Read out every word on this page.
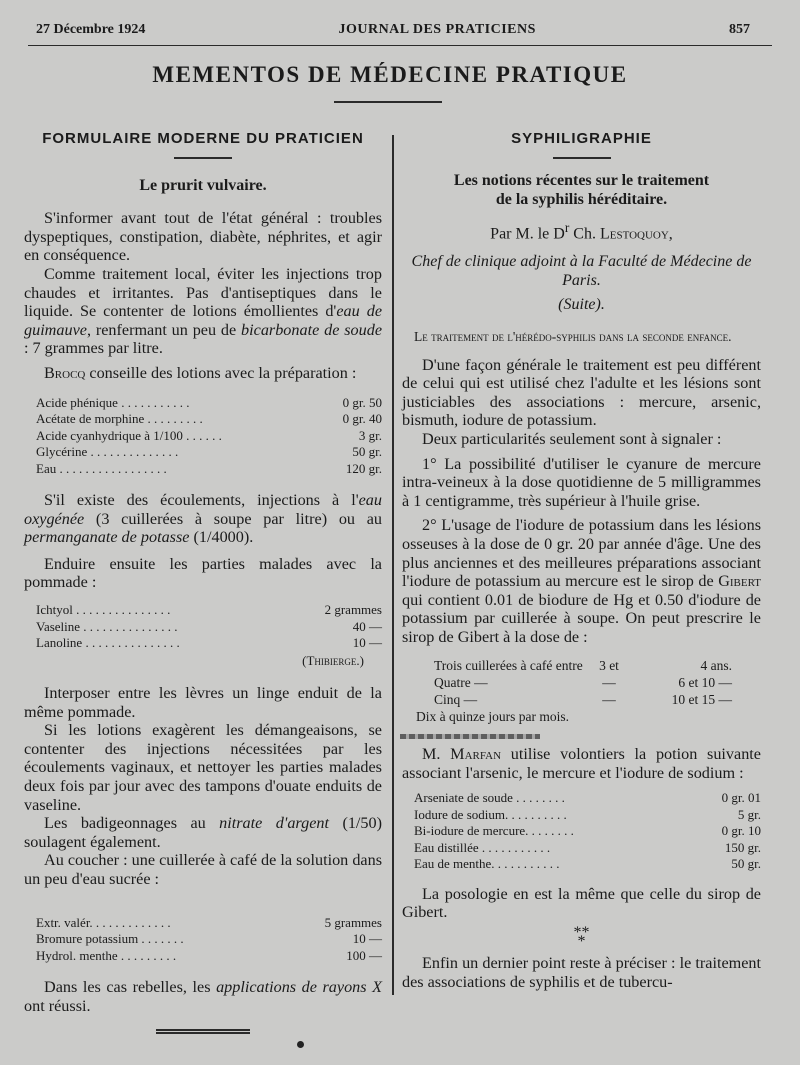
27 Décembre 1924	JOURNAL DES PRATICIENS	857
MEMENTOS DE MÉDECINE PRATIQUE
FORMULAIRE MODERNE DU PRATICIEN
Le prurit vulvaire.

S'informer avant tout de l'état général : troubles dyspeptiques, constipation, diabète, néphrites, et agir en conséquence.

Comme traitement local, éviter les injections trop chaudes et irritantes. Pas d'antiseptiques dans le liquide. Se contenter de lotions émollientes d'eau de guimauve, renfermant un peu de bicarbonate de soude : 7 grammes par litre.

Brocq conseille des lotions avec la préparation :

Acide phénique . . . . . . . . . . .	0 gr. 50
Acétate de morphine . . . . . . . . .	0 gr. 40
Acide cyanhydrique à 1/100 . . . . . .	3 gr.
Glycérine . . . . . . . . . . . . . .	50 gr.
Eau . . . . . . . . . . . . . . . . .	120 gr.

S'il existe des écoulements, injections à l'eau oxygénée (3 cuillerées à soupe par litre) ou au permanganate de potasse (1/4000).

Enduire ensuite les parties malades avec la pommade :

Ichtyol . . . . . . . . . . . . . . .	2 grammes
Vaseline . . . . . . . . . . . . . . .	40 —
Lanoline . . . . . . . . . . . . . . .	10 —
(Thibierge.)

Interposer entre les lèvres un linge enduit de la même pommade.

Si les lotions exagèrent les démangeaisons, se contenter des injections nécessitées par les écoulements vaginaux, et nettoyer les parties malades deux fois par jour avec des tampons d'ouate enduits de vaseline.

Les badigeonnages au nitrate d'argent (1/50) soulagent également.

Au coucher : une cuillerée à café de la solution dans un peu d'eau sucrée :

Extr. valér. . . . . . . . . . . . .	5 grammes
Bromure potassium . . . . . . .	10 —
Hydrol. menthe . . . . . . . . .	100 —

Dans les cas rebelles, les applications de rayons X ont réussi.

SYPHILIGRAPHIE
Les notions récentes sur le traitement
de la syphilis héréditaire.
Par M. le $D^r$ Ch. Lestoquoy,
Chef de clinique adjoint à la Faculté de Médecine de Paris.
(Suite).

Le traitement de l'hérédo-syphilis dans la seconde enfance.

D'une façon générale le traitement est peu différent de celui qui est utilisé chez l'adulte et les lésions sont justiciables des associations : mercure, arsenic, bismuth, iodure de potassium.

Deux particularités seulement sont à signaler :

1° La possibilité d'utiliser le cyanure de mercure intra-veineux à la dose quotidienne de 5 milligrammes à 1 centigramme, très supérieur à l'huile grise.

2° L'usage de l'iodure de potassium dans les lésions osseuses à la dose de 0 gr. 20 par année d'âge. Une des plus anciennes et des meilleures préparations associant l'iodure de potassium au mercure est le sirop de Gibert qui contient 0.01 de biodure de Hg et 0.50 d'iodure de potassium par cuillerée à soupe. On peut prescrire le sirop de Gibert à la dose de :

Trois cuillerées à café entre	3 et	4 ans.
Quatre —	—	6 et 10 —
Cinq —	—	10 et 15 —
Dix à quinze jours par mois.

M. Marfan utilise volontiers la potion suivante associant l'arsenic, le mercure et l'iodure de sodium :

Arseniate de soude . . . . . . . .	0 gr. 01
Iodure de sodium. . . . . . . . . .	5 gr.
Bi-iodure de mercure. . . . . . . .	0 gr. 10
Eau distillée . . . . . . . . . . .	150 gr.
Eau de menthe. . . . . . . . . . .	50 gr.

La posologie en est la même que celle du sirop de Gibert.

**
*

Enfin un dernier point reste à préciser : le traitement des associations de syphilis et de tubercu-
